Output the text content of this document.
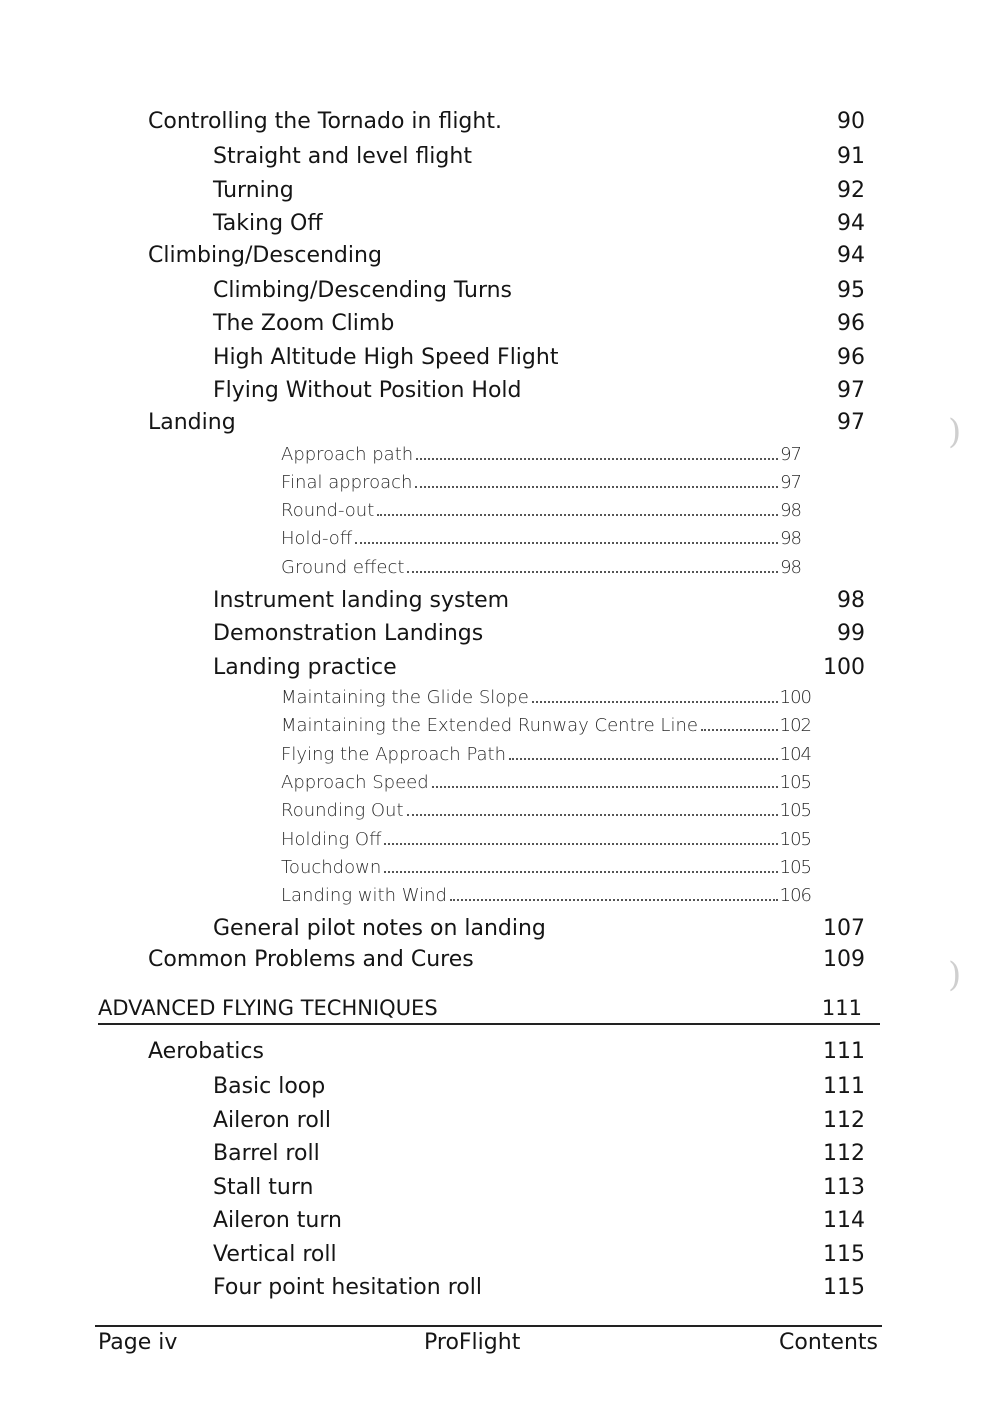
Controlling the Tornado in flight.	90
Straight and level flight	91
Turning	92
Taking Off	94
Climbing/Descending	94
Climbing/Descending Turns	95
The Zoom Climb	96
High Altitude High Speed Flight	96
Flying Without Position Hold	97
Landing	97
Approach path	97
Final approach	97
Round-out	98
Hold-off	98
Ground effect	98
Instrument landing system	98
Demonstration Landings	99
Landing practice	100
Maintaining the Glide Slope	100
Maintaining the Extended Runway Centre Line	102
Flying the Approach Path	104
Approach Speed	105
Rounding Out	105
Holding Off	105
Touchdown	105
Landing with Wind	106
General pilot notes on landing	107
Common Problems and Cures	109
ADVANCED FLYING TECHNIQUES	111
Aerobatics	111
Basic loop	111
Aileron roll	112
Barrel roll	112
Stall turn	113
Aileron turn	114
Vertical roll	115
Four point hesitation roll	115
Page iv	ProFlight	Contents
)
)
